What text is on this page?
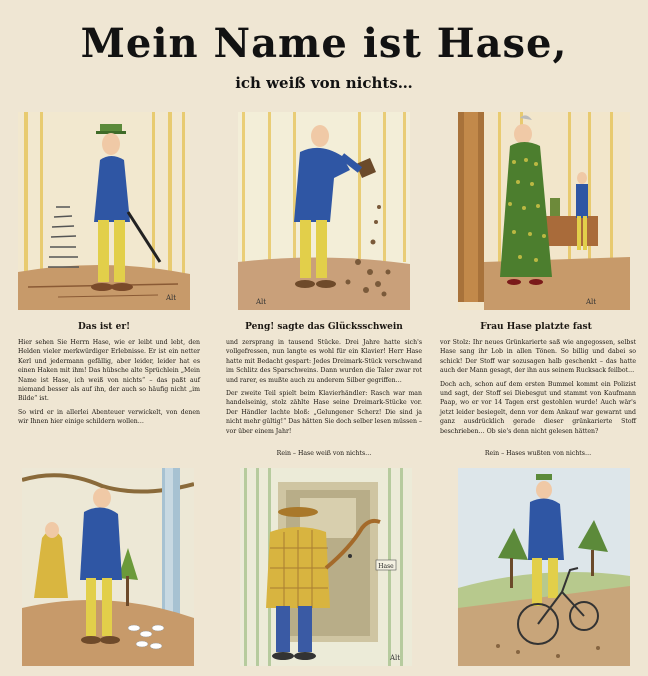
Mein Name ist Hase,
ich weiß von nichts…
Alt	Alt	Alt
Das ist er!	Peng! sagte das Glücksschwein	Frau Hase platzte fast

Hier sehen Sie Herrn Hase, wie er leibt und lebt, den Helden vieler merkwürdiger Erlebnisse. Er ist ein netter Kerl und jedermann gefällig, aber leider, leider hat es einen Haken mit ihm! Das hübsche alte Sprüchlein „Mein Name ist Hase, ich weiß von nichts“ – das paßt auf niemand besser als auf ihn, der auch so häufig nicht „im Bilde“ ist.

So wird er in allerlei Abenteuer verwickelt, von denen wir Ihnen hier einige schildern wollen…

und zersprang in tausend Stücke. Drei Jahre hatte sich's vollgefressen, nun langte es wohl für ein Klavier! Herr Hase hatte mit Bedacht gespart: Jedes Dreimark-Stück verschwand im Schlitz des Sparschweins. Dann wurden die Taler zwar rot und rarer, es mußte auch zu anderem Silber gegriffen…

Der zweite Teil spielt beim Klavierhändler: Rasch war man handelseinig, stolz zählte Hase seine Dreimark-Stücke vor. Der Händler lachte bloß: „Gelungener Scherz! Die sind ja nicht mehr gültig!“ Das hätten Sie doch selber lesen müssen – vor über einem Jahr!

Rein – Hase weiß von nichts…

vor Stolz: Ihr neues Grünkarierte saß wie angegossen, selbst Hase sang ihr Lob in allen Tönen. So billig und dabei so schick! Der Stoff war sozusagen halb geschenkt – das hatte auch der Mann gesagt, der ihn aus seinem Rucksack feilbot…

Doch ach, schon auf dem ersten Bummel kommt ein Polizist und sagt, der Stoff sei Diebesgut und stammt von Kaufmann Paap, wo er vor 14 Tagen erst gestohlen wurde! Auch wär's jetzt leider besiegelt, denn vor dem Ankauf war gewarnt und ganz ausdrücklich gerade dieser grünkarierte Stoff beschrieben… Ob sie's denn nicht gelesen hätten?

Rein – Hases wußten von nichts…
Hase
Alt
